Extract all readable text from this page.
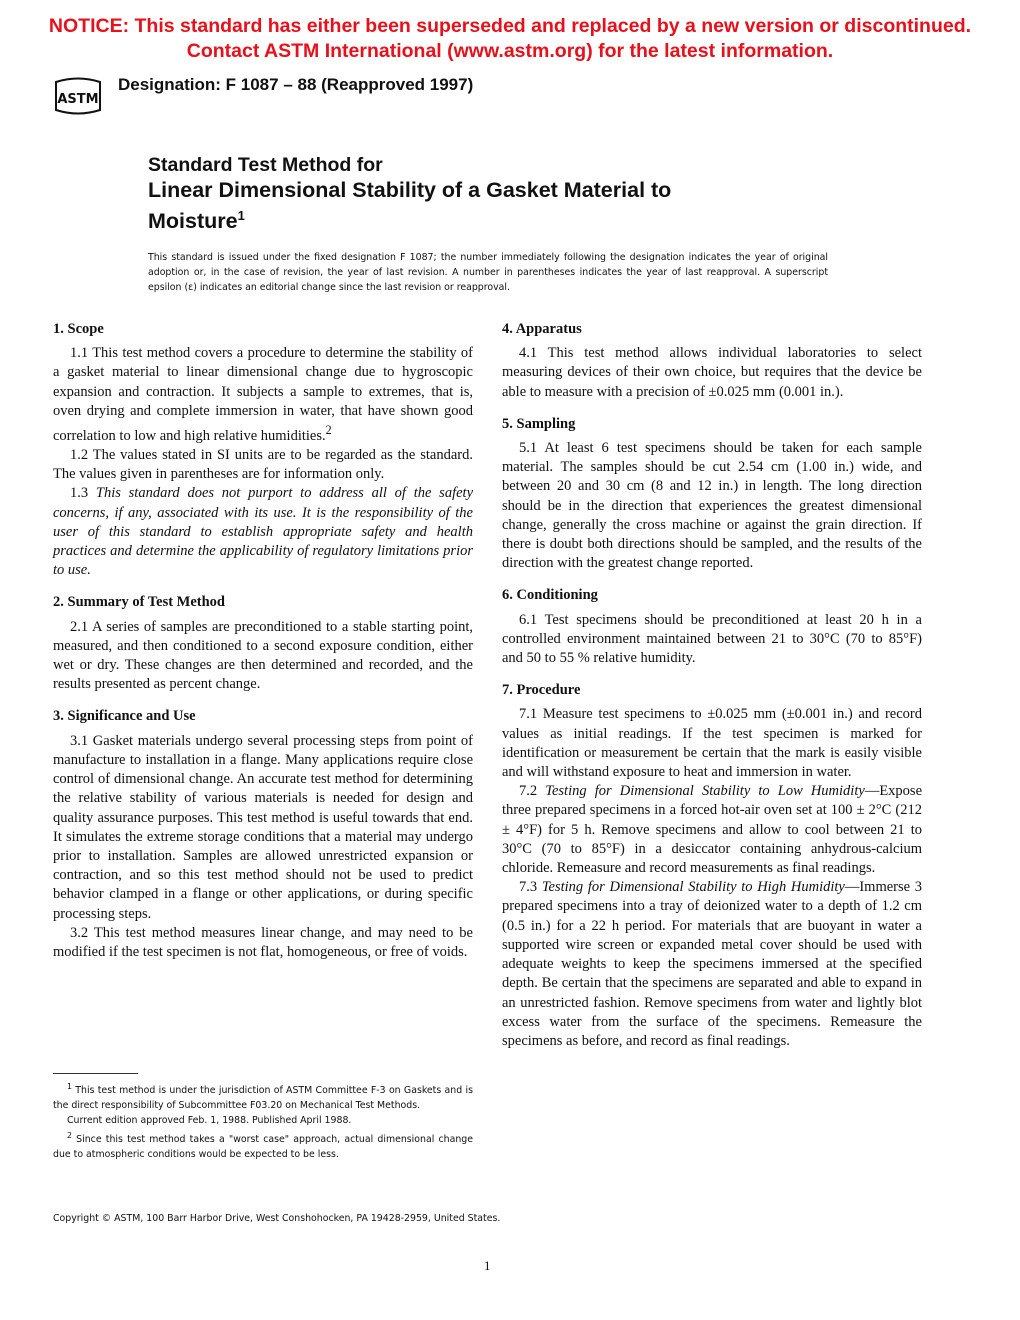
NOTICE: This standard has either been superseded and replaced by a new version or discontinued.
Contact ASTM International (www.astm.org) for the latest information.
ASTM
Designation: F 1087 – 88 (Reapproved 1997)
Standard Test Method for
Linear Dimensional Stability of a Gasket Material to
Moisture$^1$
This standard is issued under the fixed designation F 1087; the number immediately following the designation indicates the year of original adoption or, in the case of revision, the year of last revision. A number in parentheses indicates the year of last reapproval. A superscript epsilon (ε) indicates an editorial change since the last revision or reapproval.
1. Scope

1.1 This test method covers a procedure to determine the stability of a gasket material to linear dimensional change due to hygroscopic expansion and contraction. It subjects a sample to extremes, that is, oven drying and complete immersion in water, that have shown good correlation to low and high relative humidities.$^2$

1.2 The values stated in SI units are to be regarded as the standard. The values given in parentheses are for information only.

1.3 This standard does not purport to address all of the safety concerns, if any, associated with its use. It is the responsibility of the user of this standard to establish appropriate safety and health practices and determine the applicability of regulatory limitations prior to use.

2. Summary of Test Method

2.1 A series of samples are preconditioned to a stable starting point, measured, and then conditioned to a second exposure condition, either wet or dry. These changes are then determined and recorded, and the results presented as percent change.

3. Significance and Use

3.1 Gasket materials undergo several processing steps from point of manufacture to installation in a flange. Many applications require close control of dimensional change. An accurate test method for determining the relative stability of various materials is needed for design and quality assurance purposes. This test method is useful towards that end. It simulates the extreme storage conditions that a material may undergo prior to installation. Samples are allowed unrestricted expansion or contraction, and so this test method should not be used to predict behavior clamped in a flange or other applications, or during specific processing steps.

3.2 This test method measures linear change, and may need to be modified if the test specimen is not flat, homogeneous, or free of voids.

4. Apparatus

4.1 This test method allows individual laboratories to select measuring devices of their own choice, but requires that the device be able to measure with a precision of ±0.025 mm (0.001 in.).

5. Sampling

5.1 At least 6 test specimens should be taken for each sample material. The samples should be cut 2.54 cm (1.00 in.) wide, and between 20 and 30 cm (8 and 12 in.) in length. The long direction should be in the direction that experiences the greatest dimensional change, generally the cross machine or against the grain direction. If there is doubt both directions should be sampled, and the results of the direction with the greatest change reported.

6. Conditioning

6.1 Test specimens should be preconditioned at least 20 h in a controlled environment maintained between 21 to 30°C (70 to 85°F) and 50 to 55 % relative humidity.

7. Procedure

7.1 Measure test specimens to ±0.025 mm (±0.001 in.) and record values as initial readings. If the test specimen is marked for identification or measurement be certain that the mark is easily visible and will withstand exposure to heat and immersion in water.

7.2 Testing for Dimensional Stability to Low Humidity—Expose three prepared specimens in a forced hot-air oven set at 100 ± 2°C (212 ± 4°F) for 5 h. Remove specimens and allow to cool between 21 to 30°C (70 to 85°F) in a desiccator containing anhydrous-calcium chloride. Remeasure and record measurements as final readings.

7.3 Testing for Dimensional Stability to High Humidity—Immerse 3 prepared specimens into a tray of deionized water to a depth of 1.2 cm (0.5 in.) for a 22 h period. For materials that are buoyant in water a supported wire screen or expanded metal cover should be used with adequate weights to keep the specimens immersed at the specified depth. Be certain that the specimens are separated and able to expand in an unrestricted fashion. Remove specimens from water and lightly blot excess water from the surface of the specimens. Remeasure the specimens as before, and record as final readings.

$^1$ This test method is under the jurisdiction of ASTM Committee F-3 on Gaskets and is the direct responsibility of Subcommittee F03.20 on Mechanical Test Methods.

Current edition approved Feb. 1, 1988. Published April 1988.

$^2$ Since this test method takes a "worst case" approach, actual dimensional change due to atmospheric conditions would be expected to be less.

Copyright © ASTM, 100 Barr Harbor Drive, West Conshohocken, PA 19428-2959, United States.
1
